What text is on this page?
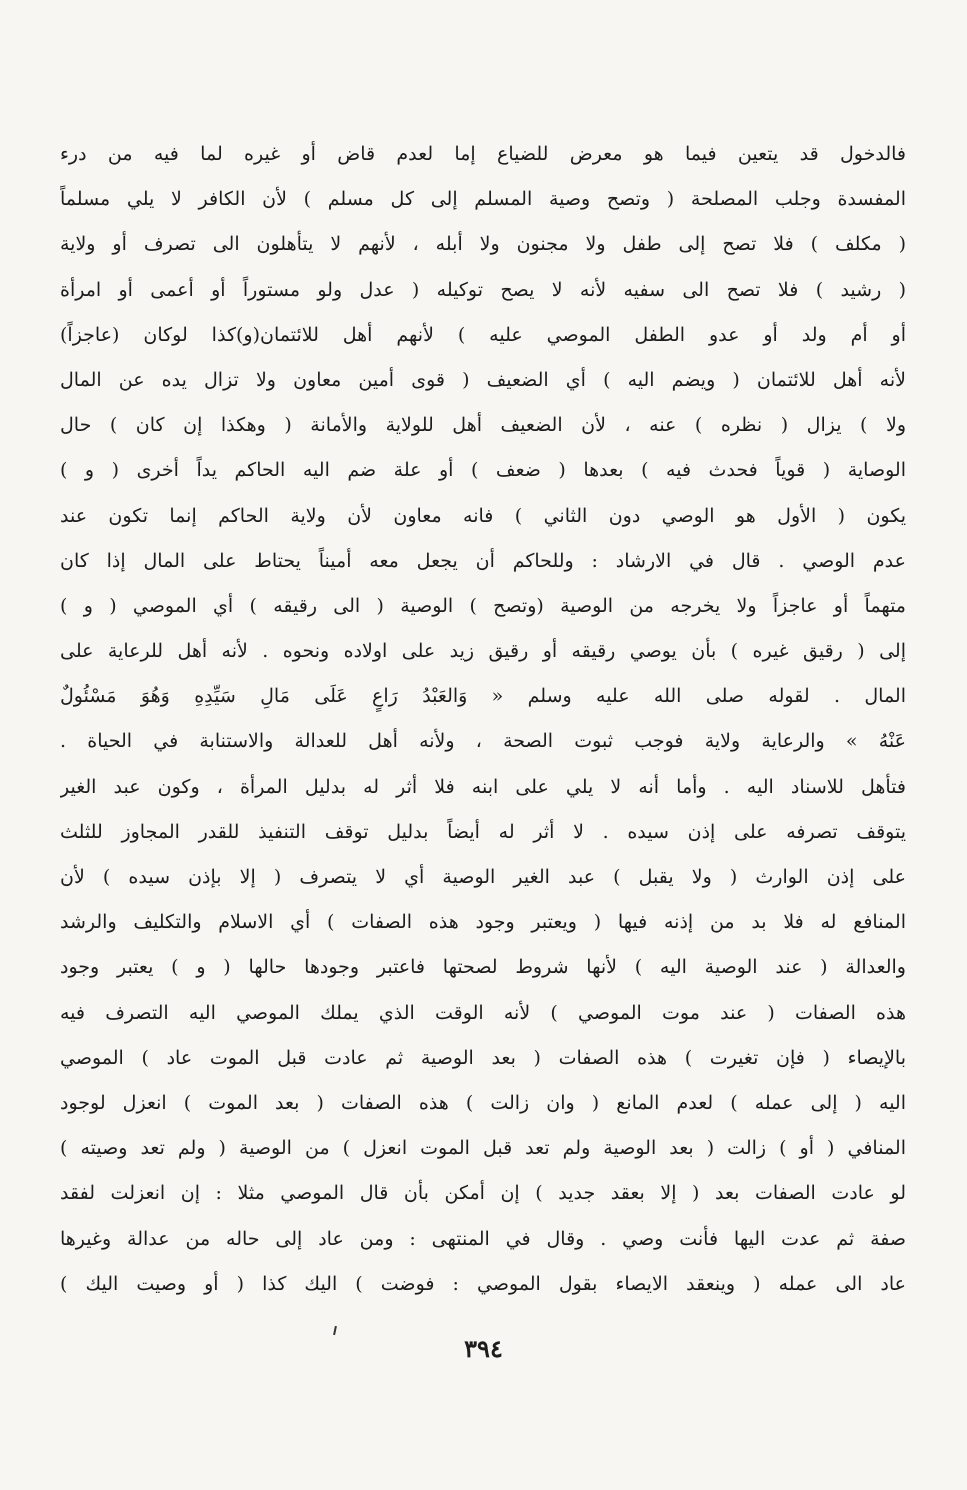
فالدخول قد يتعين فيما هو معرض للضياع إما لعدم قاض أو غيره لما فيه من درء
المفسدة وجلب المصلحة ( وتصح وصية المسلم إلى كل مسلم ) لأن الكافر لا يلي مسلماً
( مكلف ) فلا تصح إلى طفل ولا مجنون ولا أبله ، لأنهم لا يتأهلون الى تصرف أو ولاية
( رشيد ) فلا تصح الى سفيه لأنه لا يصح توكيله ( عدل ولو مستوراً أو أعمى أو امرأة
أو أم ولد أو عدو الطفل الموصي عليه ) لأنهم أهل للائتمان(و)كذا لوكان (عاجزاً)
لأنه أهل للائتمان ( ويضم اليه ) أي الضعيف ( قوى أمين معاون ولا تزال يده عن المال
ولا ) يزال ( نظره ) عنه ، لأن الضعيف أهل للولاية والأمانة ( وهكذا إن كان ) حال
الوصاية ( قوياً فحدث فيه ) بعدها ( ضعف ) أو علة ضم اليه الحاكم يداً أخرى ( و )
يكون ( الأول هو الوصي دون الثاني ) فانه معاون لأن ولاية الحاكم إنما تكون عند
عدم الوصي . قال في الارشاد : وللحاكم أن يجعل معه أميناً يحتاط على المال إذا كان
متهماً أو عاجزاً ولا يخرجه من الوصية (وتصح ) الوصية ( الى رقيقه ) أي الموصي ( و )
إلى ( رقيق غيره ) بأن يوصي رقيقه أو رقيق زيد على اولاده ونحوه . لأنه أهل للرعاية على
المال . لقوله صلى الله عليه وسلم « وَالعَبْدُ رَاعٍ عَلَى مَالِ سَيِّدِهِ وَهُوَ مَسْئُولٌ
عَنْهُ » والرعاية ولاية فوجب ثبوت الصحة ، ولأنه أهل للعدالة والاستنابة في الحياة .
فتأهل للاسناد اليه . وأما أنه لا يلي على ابنه فلا أثر له بدليل المرأة ، وكون عبد الغير
يتوقف تصرفه على إذن سيده . لا أثر له أيضاً بدليل توقف التنفيذ للقدر المجاوز للثلث
على إذن الوارث ( ولا يقبل ) عبد الغير الوصية أي لا يتصرف ( إلا بإذن سيده ) لأن
المنافع له فلا بد من إذنه فيها ( ويعتبر وجود هذه الصفات ) أي الاسلام والتكليف والرشد
والعدالة ( عند الوصية اليه ) لأنها شروط لصحتها فاعتبر وجودها حالها ( و ) يعتبر وجود
هذه الصفات ( عند موت الموصي ) لأنه الوقت الذي يملك الموصي اليه التصرف فيه
بالإيصاء ( فإن تغيرت ) هذه الصفات ( بعد الوصية ثم عادت قبل الموت عاد ) الموصي
اليه ( إلى عمله ) لعدم المانع ( وان زالت ) هذه الصفات ( بعد الموت ) انعزل لوجود
المنافي ( أو ) زالت ( بعد الوصية ولم تعد قبل الموت انعزل ) من الوصية ( ولم تعد وصيته )
لو عادت الصفات بعد ( إلا بعقد جديد ) إن أمكن بأن قال الموصي مثلا : إن انعزلت لفقد
صفة ثم عدت اليها فأنت وصي . وقال في المنتهى : ومن عاد إلى حاله من عدالة وغيرها
عاد الى عمله ( وينعقد الايصاء بقول الموصي : فوضت ) اليك كذا ( أو وصيت اليك )
٣٩٤
